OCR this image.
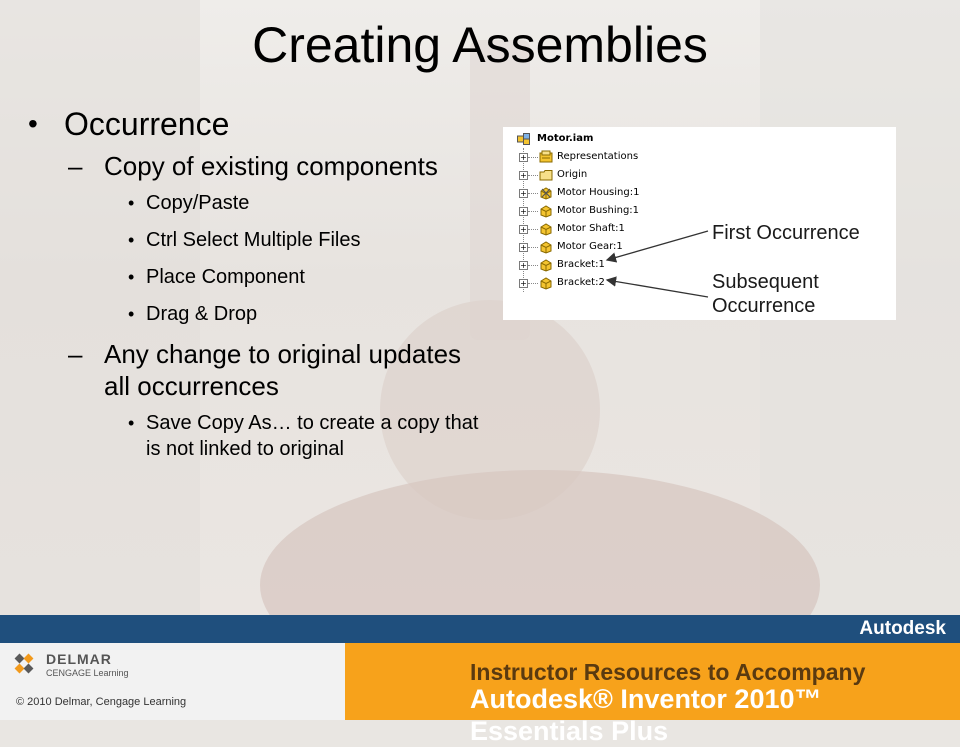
Creating Assemblies
• Occurrence
– Copy of existing components
• Copy/Paste
• Ctrl Select Multiple Files
• Place Component
• Drag & Drop
– Any change to original updates all occurrences
• Save Copy As… to create a copy that is not linked to original
Motor.iam
+	Representations
+	Origin
+	Motor Housing:1
+	Motor Bushing:1
+	Motor Shaft:1
+	Motor Gear:1
+	Bracket:1
+	Bracket:2
First Occurrence
Subsequent
Occurrence
Autodesk
DELMAR
CENGAGE Learning
© 2010 Delmar, Cengage Learning
Instructor Resources to Accompany
Autodesk® Inventor 2010™ Essentials Plus
